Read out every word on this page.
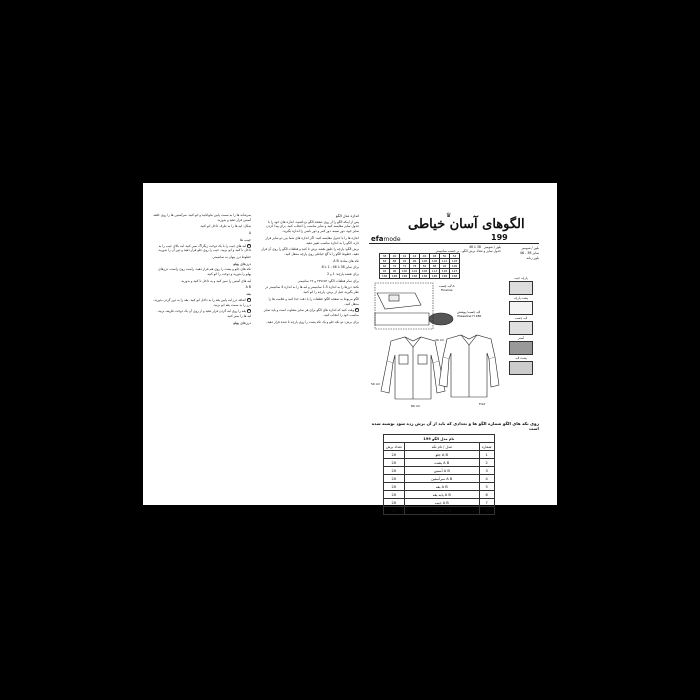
سرشانه ها را به سمت پایین بخوابانید و اتو کنید. سرآستین ها را روی حلقه آستین قرار دهید و بدوزید.

شکل: لبه ها را به طرف داخل اتو کنید.

A

جیب ها

●لبه های جیب را با یک دوخت زیگزاگ تمیز کنید. لبه بالای جیب را به داخل تا کنید و اتو بزنید. جیب را روی جلو قرار دهید و دور آن را بدوزید.

خطوط درز پنهان به سانتیمتر.

درزهای پهلو

تکه های جلو و پشت را روی هم قرار دهید، راست روی راست. درزهای پهلو را بدوزید و دوخت را اتو کنید.

لبه های آستین را تمیز کنید و به داخل تا کنید و بدوزید.

A B

یقه

●اضافه درز لبه پایین یقه را به داخل اتو کنید. یقه را به دور گردن بدوزید. درز را به سمت یقه اتو بزنید.

●یقه را روی لبه گردن قرار دهید و از روی آن یک دوخت ظریف بزنید. لبه ها را تمیز کنید.

درزهای پهلو
اندازه مدل الگو

پس از اینکه الگو را از روی صفحه الگو برداشتید، اندازه های خود را با جدول سایز مقایسه کنید و سایز مناسب را انتخاب کنید. برای پیدا کردن سایز خود، دور سینه، دور کمر و دور باسن را اندازه بگیرید.

اندازه ها را با جدول مقایسه کنید. اگر اندازه های شما بین دو سایز قرار دارد، الگو را به اندازه مناسب تغییر دهید.

برش الگو: پارچه را طبق نقشه برش تا کنید و قطعات الگو را روی آن قرار دهید. خطوط الگو را با گچ خیاطی روی پارچه منتقل کنید.

تکه های ساده: A B

برای سایز 38 تا 46 : 1 تا 8

برای نقشه پارچه: 1 و 2

برای تمام قطعات الگو: ۲۷۷۶۵۹ و ۲۶ سانتیمتر

نکته: درزها را به اندازه 1.5 سانتیمتر و لبه ها را به اندازه 4 سانتیمتر در نظر بگیرید. قبل از برش، پارچه را اتو کنید.

الگو مربوط به صفحه الگو: قطعات را با دقت جدا کنید و علامت ها را منتقل کنید.

●وقت کنید که اندازه های الگو برای هر سایز متفاوت است و باید سایز مناسب خود را انتخاب کنید.

برای برش: دو تکه جلو و یک تکه پشت را روی پارچه تا شده قرار دهید.

♛
الگوهای آسان خیاطی
efamode	199
بلوز / شومیز
سایز 38 - 46
بلوز زنانه
بلوز / شومیز   38 تا 46
جدول سایز و تعداد برش الگو - بر حسب سانتیمتر
38	40	42	44	46	48	50	52
84	88	92	96	100	106	112	118
66	70	74	78	82	88	94	100
92	96	100	104	108	113	118	123
168	168	168	168	168	168	168	168	پارچه جیب
پشت پارچه
لایه چسب
آستر
پشت لایه
لایه چسب A
Fineline
لایه چسب/ پوشش
Vlieseline H 180
50 cm
80 cm
30 cm
Fold
روی تکه های الگو شماره الگو ها و تعدادی که باید از آن برش زده شود نوشته شده است
نام مدل الگو 199		
شماره	مدل / نام تکه	تعداد برش
1	A B جلو	2X
2	A B پشت	2X
3	A B آستین	2X
4	A B سرآستین	2X
5	A B یقه	2X
6	A B پایه یقه	2X
7	A B جیب	2X
8	A B لبه جیب	2X
